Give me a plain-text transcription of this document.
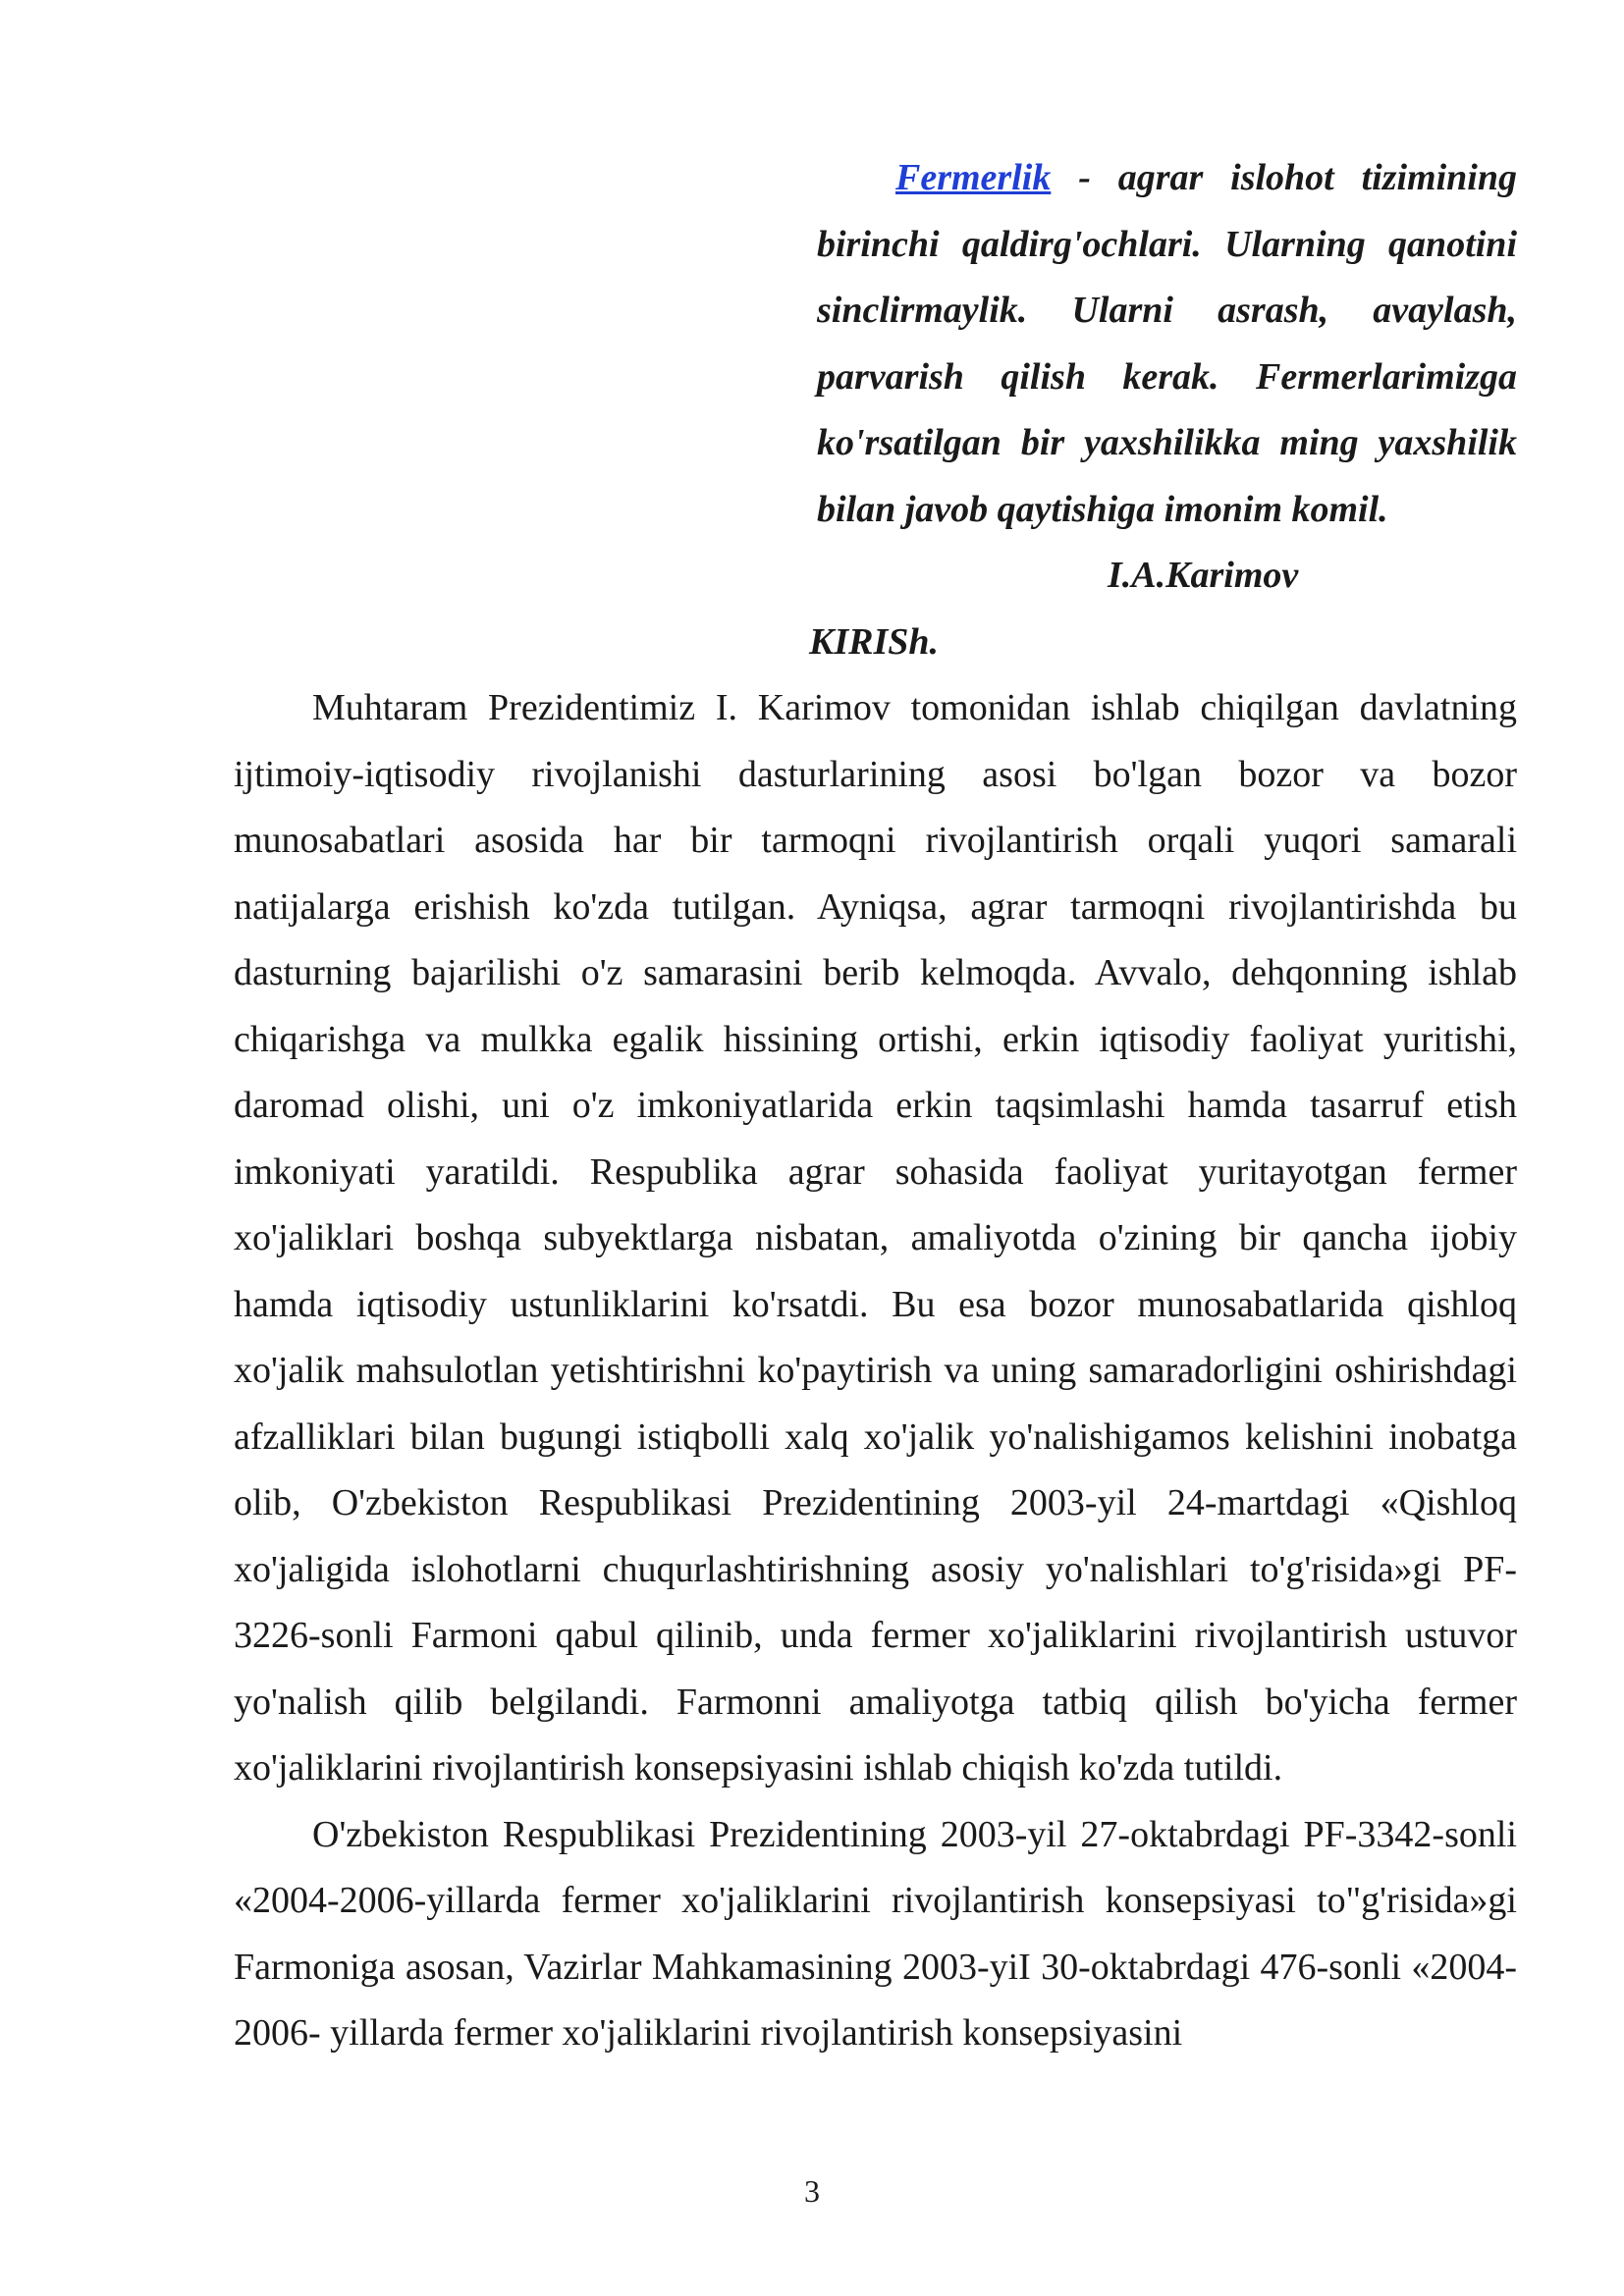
Fermerlik - agrar islohot tizimining birinchi qaldirg'ochlari. Ularning qanotini sinclirmaylik. Ularni asrash, avaylash, parvarish qilish kerak. Fermerlarimizga ko'rsatilgan bir yaxshilikka ming yaxshilik bilan javob qaytishiga imonim komil.

I.A.Karimov

KIRISh.

Muhtaram Prezidentimiz I. Karimov tomonidan ishlab chiqilgan davlatning ijtimoiy-iqtisodiy rivojlanishi dasturlarining asosi bo'lgan bozor va bozor munosabatlari asosida har bir tarmoqni rivojlantirish orqali yuqori samarali natijalarga erishish ko'zda tutilgan. Ayniqsa, agrar tarmoqni rivojlantirishda bu dasturning bajarilishi o'z samarasini berib kelmoqda. Avvalo, dehqonning ishlab chiqarishga va mulkka egalik hissining ortishi, erkin iqtisodiy faoliyat yuritishi, daromad olishi, uni o'z imkoniyatlarida erkin taqsimlashi hamda tasarruf etish imkoniyati yaratildi. Respublika agrar sohasida faoliyat yuritayotgan fermer xo'jaliklari boshqa subyektlarga nisbatan, amaliyotda o'zining bir qancha ijobiy hamda iqtisodiy ustunliklarini ko'rsatdi. Bu esa bozor munosabatlarida qishloq xo'jalik mahsulotlan yetishtirishni ko'paytirish va uning samaradorligini oshirishdagi afzalliklari bilan bugungi istiqbolli xalq xo'jalik yo'nalishigamos kelishini inobatga olib, O'zbekiston Respublikasi Prezidentining 2003-yil 24-martdagi «Qishloq xo'jaligida islohotlarni chuqurlashtirishning asosiy yo'nalishlari to'g'risida»gi PF-3226-sonli Farmoni qabul qilinib, unda fermer xo'jaliklarini rivojlantirish ustuvor yo'nalish qilib belgilandi. Farmonni amaliyotga tatbiq qilish bo'yicha fermer xo'jaliklarini rivojlantirish konsepsiyasini ishlab chiqish ko'zda tutildi.

O'zbekiston Respublikasi Prezidentining 2003-yil 27-oktabrdagi PF-3342-sonli «2004-2006-yillarda fermer xo'jaliklarini rivojlantirish konsepsiyasi to"g'risida»gi Farmoniga asosan, Vazirlar Mahkamasining 2003-yiI 30-oktabrdagi 476-sonli «2004-2006- yillarda fermer xo'jaliklarini rivojlantirish konsepsiyasini

3
